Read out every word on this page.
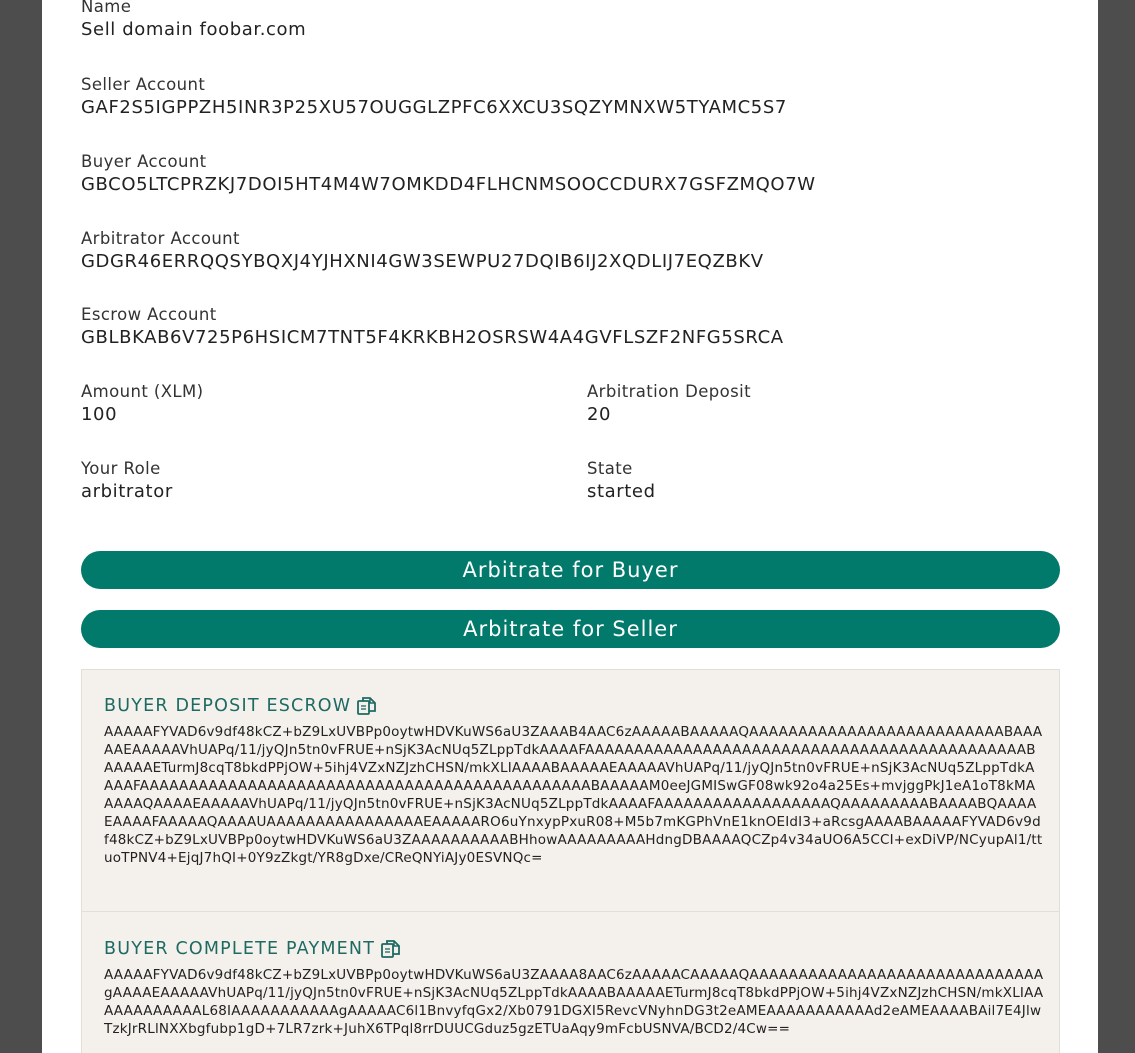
Name
Sell domain foobar.com
Seller Account
GAF2S5IGPPZH5INR3P25XU57OUGGLZPFC6XXCU3SQZYMNXW5TYAMC5S7
Buyer Account
GBCO5LTCPRZKJ7DOI5HT4M4W7OMKDD4FLHCNMSOOCCDURX7GSFZMQO7W
Arbitrator Account
GDGR46ERRQQSYBQXJ4YJHXNI4GW3SEWPU27DQIB6IJ2XQDLIJ7EQZBKV
Escrow Account
GBLBKAB6V725P6HSICM7TNT5F4KRKBH2OSRSW4A4GVFLSZF2NFG5SRCA
Amount (XLM)
100
Arbitration Deposit
20
Your Role
arbitrator
State
started
Arbitrate for Buyer
Arbitrate for Seller
BUYER DEPOSIT ESCROW
AAAAAFYVAD6v9df48kCZ+bZ9LxUVBPp0oytwHDVKuWS6aU3ZAAAB4AAC6zAAAAABAAAAAQAAAAAAAAAAAAAAAAAAAAAAAAAABAAAAAEAAAAAVhUAPq/11/jyQJn5tn0vFRUE+nSjK3AcNUq5ZLppTdkAAAAFAAAAAAAAAAAAAAAAAAAAAAAAAAAAAAAAAAAAAAAAAAAAABAAAAAETurmJ8cqT8bkdPPjOW+5ihj4VZxNZJzhCHSN/mkXLIAAAABAAAAAEAAAAAVhUAPq/11/jyQJn5tn0vFRUE+nSjK3AcNUq5ZLppTdkAAAAFAAAAAAAAAAAAAAAAAAAAAAAAAAAAAAAAAAAAAAAAAAAAAABAAAAAM0eeJGMISwGF08wk92o4a25Es+mvjggPkJ1eA1oT8kMAAAAAQAAAAEAAAAAVhUAPq/11/jyQJn5tn0vFRUE+nSjK3AcNUq5ZLppTdkAAAAFAAAAAAAAAAAAAAAAAAQAAAAAAAAABAAAABQAAAAEAAAAFAAAAAQAAAAUAAAAAAAAAAAAAAAAEAAAAARO6uYnxypPxuR08+M5b7mKGPhVnE1knOEIdI3+aRcsgAAAABAAAAAFYVAD6v9df48kCZ+bZ9LxUVBPp0oytwHDVKuWS6aU3ZAAAAAAAAAABHhowAAAAAAAAAHdngDBAAAAQCZp4v34aUO6A5CCI+exDiVP/NCyupAl1/ttuoTPNV4+EjqJ7hQI+0Y9zZkgt/YR8gDxe/CReQNYiAJy0ESVNQc=
BUYER COMPLETE PAYMENT
AAAAAFYVAD6v9df48kCZ+bZ9LxUVBPp0oytwHDVKuWS6aU3ZAAAA8AAC6zAAAAACAAAAAQAAAAAAAAAAAAAAAAAAAAAAAAAAAAAAgAAAAEAAAAAVhUAPq/11/jyQJn5tn0vFRUE+nSjK3AcNUq5ZLppTdkAAAABAAAAAETurmJ8cqT8bkdPPjOW+5ihj4VZxNZJzhCHSN/mkXLIAAAAAAAAAAAAL68IAAAAAAAAAAAgAAAAAC6l1BnvyfqGx2/Xb0791DGXI5RevcVNyhnDG3t2eAMEAAAAAAAAAAAd2eAMEAAAABAil7E4JlwTzkJrRLlNXXbgfubp1gD+7LR7zrk+JuhX6TPql8rrDUUCGduz5gzETUaAqy9mFcbUSNVA/BCD2/4Cw==
